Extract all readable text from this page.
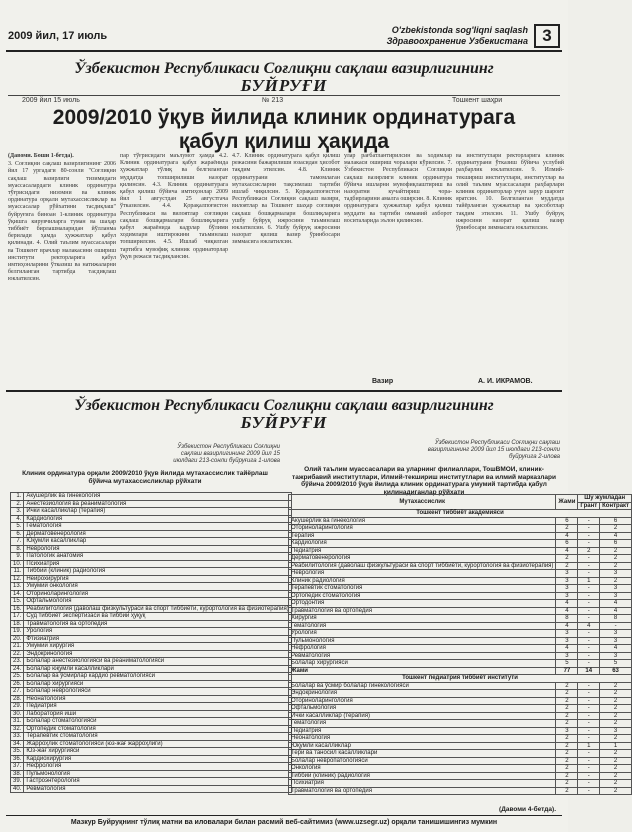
2009 йил, 17 июль	O'zbekistonda sog'liqni saqlash
Здравоохранение Узбекистана 3
Ўзбекистон Республикаси Соғлиқни сақлаш вазирлигининг
БУЙРУҒИ
2009 йил 15 июль	№ 213	Тошкент шаҳри
2009/2010 ўқув йилида клиник ординатурага
қабул қилиш ҳақида

(Давоми. Боши 1-бетда).

3. Соғлиқни сақлаш вазирлигининг 2006 йил 17 ургадаги 80-сонли "Соғлиқни сақлаш вазирлиги тизимидаги муассасалардаги клиник ординатура тўғрисидаги низомни ва клиник ординатура орқали мутахассисликлар ва муассасалар рўйхатини тасдиқлаш" буйруғига биноан 1-клиник ординатура ўқишга кирувчиларга туман ва шаҳар тиббиёт бирлашмаларидан йўлланма берилади ҳамда ҳужжатлар қабул қилинади. 4. Олий таълим муассасалари ва Тошкент врачлар малакасини ошириш институти ректорларига қабул имтиҳонларини ўтказиш ва натижаларни белгиланган тартибда тасдиқлаш юклатилсин.

пар тўғрисидаги маълумот ҳамда 4.2. Клиник ординатурага қабул жараёнида ҳужжатлар тўлиқ ва белгиланган муддатда топширилиши назорат қилинсин. 4.3. Клиник ординатурага қабул қилиш бўйича имтиҳонлар 2009 йил 1 августдан 25 августгача ўтказилсин. 4.4. Қорақалпоғистон Республикаси ва вилоятлар соғлиқни сақлаш бошқармалари бошлиқларига қабул жараёнида кадрлар бўлими ходимлари иштирокини таъминлаш топширилсин. 4.5. Ишлаб чиқилган тартибга мувофиқ клиник ординаторлар ўқув режаси тасдиқлансин.

4.7. Клиник ординатурага қабул қилиш режасини бажарилиши юзасидан ҳисобот тақдим этилсин. 4.8. Клиник ординатурани тамомлаган мутахассисларни тақсимлаш тартиби ишлаб чиқилсин. 5. Қорақалпоғистон Республикаси Соғлиқни сақлаш вазири, вилоятлар ва Тошкент шаҳар соғлиқни сақлаш бошқармалари бошлиқларига ушбу буйруқ ижросини таъминлаш юклатилсин. 6. Ушбу буйруқ ижросини назорат қилиш вазир ўринбосари зиммасига юклатилсин.

улар рағбатлантирилсин ва ходимлар малакаси ошириш чоралари кўрилсин. 7. Ўзбекистон Республикаси Соғлиқни сақлаш вазирлиги клиник ординатура бўйича ишларни мувофиқлаштириш ва назоратни кучайтириш чора-тадбирларини амалга оширсин. 8. Клиник ординатурага ҳужжатлар қабул қилиш муддати ва тартиби оммавий ахборот воситаларида эълон қилинсин.

ва институтлари ректорларига клиник ординатурани ўтказиш бўйича услубий раҳбарлик юклатилсин. 9. Илмий-текшириш институтлари, институтлар ва олий таълим муассасалари раҳбарлари клиник ординаторлар учун зарур шароит яратсин. 10. Белгиланган муддатда тайёрланган ҳужжатлар ва ҳисоботлар тақдим этилсин. 11. Ушбу буйруқ ижросини назорат қилиш вазир ўринбосари зиммасига юклатилсин.

Вазир	А. И. ИКРАМОВ.
Ўзбекистон Республикаси Соғлиқни сақлаш вазирлигининг
БУЙРУҒИ
Ўзбекистон Республикаси Соғлиқни сақлаш вазирлигининг 2009 йил 15 июлдаги 213-сонли буйруғига 1-илова
Ўзбекистон Республикаси Соғлиқни сақлаш вазирлигининг 2009 йил 15 июлдаги 213-сонли буйруғига 2-илова
Клиник ординатура орқали 2009/2010 ўқув йилида мутахассислик тайёрлаш бўйича мутахассисликлар рўйхати
Олий таълим муассасалари ва уларнинг филиаллари, ТошВМОИ, клиник-тажрибавий институтлари, Илмий-текшириш институтлари ва илмий марказлари бўйича 2009/2010 ўқув йилида клиник ординатурага умумий тартибда қабул қилинадиганлар рўйхати
1.	Акушерлик ва гинекология
2.	Анестезиология ва реаниматология
3.	Ички касалликлар (терапия)
4.	Кардиология
5.	Гематология
6.	Дерматовенерология
7.	Юқумли касалликлар
8.	Неврология
9.	Патологик анатомия
10.	Психиатрия
11.	Тиббий (клиник) радиология
12.	Нейрохирургия
13.	Умумий онкология
14.	Оториноларингология
15.	Офтальмология
16.	Реабилитология (даволаш физкультураси ва спорт тиббиёти, курортология ва физиотерапия)
17.	Суд тиббиёт экспертизаси ва тиббий ҳуқуқ
18.	Травматология ва ортопедия
19.	Урология
20.	Фтизиатрия
21.	Умумий хирургия
22.	Эндокринология
23.	Болалар анестезиологияси ва реаниматологияси
24.	Болалар юқумли касалликлари
25.	Болалар ва ўсмирлар кардио ревматологияси
26.	Болалар хирургияси
27.	Болалар неврологияси
28.	Неонатология
29.	Педиатрия
30.	Лаборатория иши
31.	Болалар стоматологияси
32.	Ортопедик стоматология
33.	Терапевтик стоматология
34.	Жарроҳлик стоматологияси (юз-жағ жарроҳлиги)
35.	Юз-жағ хирургияси
36.	Кардиохирургия
37.	Нефрология
38.	Пульмонология
39.	Гастроэнтерология
40.	Ревматология
Мутахассислик	Жами	Шу жумладан	
		Грант	Контракт
Тошкент тиббиёт академияси			
Акушерлик ва гинекология	6	-	6
Оториноларингология	2	-	2
Терапия	4	-	4
Кардиология	6	-	6
Педиатрия	4	2	2
Дерматовенерология	2	-	2
Реабилитология (даволаш физкультураси ва спорт тиббиёти, курортология ва физиотерапия)	2	-	2
Неврология	3	-	3
Клиник радиология	3	1	2
Терапевтик стоматология	3	-	3
Ортопедик стоматология	3	-	3
Ортодонтия	4	-	4
Травматология ва ортопедия	4	-	4
Хирургия	8	-	8
Гематология	4	4	-
Урология	3	-	3
Пульмонология	3	-	3
Нефрология	4	-	4
Ревматология	3	-	3
Болалар хирургияси	5	-	5
Жами	77	14	63
Тошкент педиатрия тиббиёт институти			
Болалар ва ўсмир болалар гинекологияси	2	-	2
Эндокринология	2	-	2
Оториноларингология	2	-	2
Офтальмология	2	-	2
Ички касалликлар (терапия)	2	-	2
Гематология	2	-	2
Педиатрия	3	-	3
Неонатология	2	-	2
Юқумли касалликлар	2	1	1
Тери ва таносил касалликлари	2	-	2
Болалар невропатологияси	2	-	2
Онкология	2	-	2
Тиббий (клиник) радиология	2	-	2
Психиатрия	2	-	2
Травматология ва ортопедия	2	-	2
(Давоми 4-бетда).
Мазкур Буйруқнинг тўлиқ матни ва иловалари билан расмий веб-сайтимиз (www.uzsegr.uz) орқали танишишингиз мумкин
